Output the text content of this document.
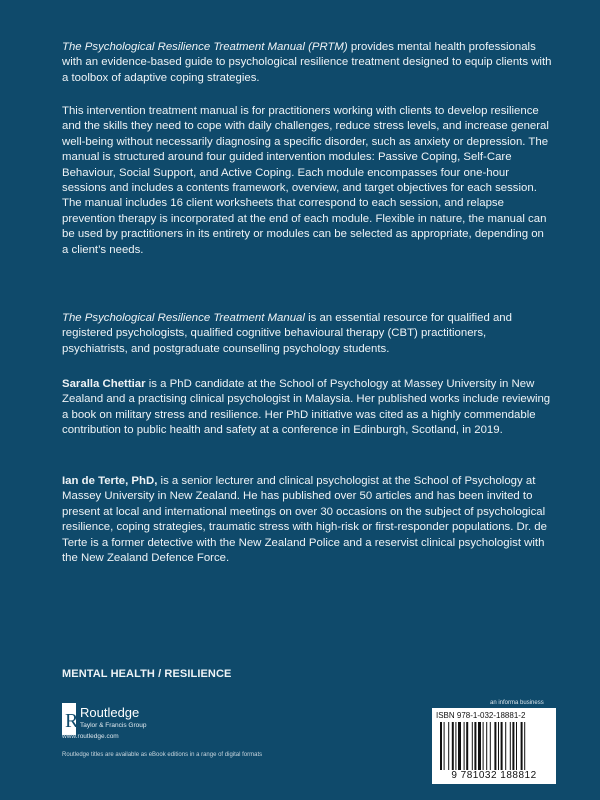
The Psychological Resilience Treatment Manual (PRTM) provides mental health professionals with an evidence-based guide to psychological resilience treatment designed to equip clients with a toolbox of adaptive coping strategies.

This intervention treatment manual is for practitioners working with clients to develop resilience and the skills they need to cope with daily challenges, reduce stress levels, and increase general well-being without necessarily diagnosing a specific disorder, such as anxiety or depression. The manual is structured around four guided intervention modules: Passive Coping, Self-Care Behaviour, Social Support, and Active Coping. Each module encompasses four one-hour sessions and includes a contents framework, overview, and target objectives for each session. The manual includes 16 client worksheets that correspond to each session, and relapse prevention therapy is incorporated at the end of each module. Flexible in nature, the manual can be used by practitioners in its entirety or modules can be selected as appropriate, depending on a client’s needs.

The Psychological Resilience Treatment Manual is an essential resource for qualified and registered psychologists, qualified cognitive behavioural therapy (CBT) practitioners, psychiatrists, and postgraduate counselling psychology students.

Saralla Chettiar is a PhD candidate at the School of Psychology at Massey University in New Zealand and a practising clinical psychologist in Malaysia. Her published works include reviewing a book on military stress and resilience. Her PhD initiative was cited as a highly commendable contribution to public health and safety at a conference in Edinburgh, Scotland, in 2019.

Ian de Terte, PhD, is a senior lecturer and clinical psychologist at the School of Psychology at Massey University in New Zealand. He has published over 50 articles and has been invited to present at local and international meetings on over 30 occasions on the subject of psychological resilience, coping strategies, traumatic stress with high-risk or first-responder populations. Dr. de Terte is a former detective with the New Zealand Police and a reservist clinical psychologist with the New Zealand Defence Force.

MENTAL HEALTH / RESILIENCE
R Routledge
Taylor & Francis Group
www.routledge.com
Routledge titles are available as eBook editions in a range of digital formats
an informa business
ISBN 978-1-032-18881-2
9 781032 188812
